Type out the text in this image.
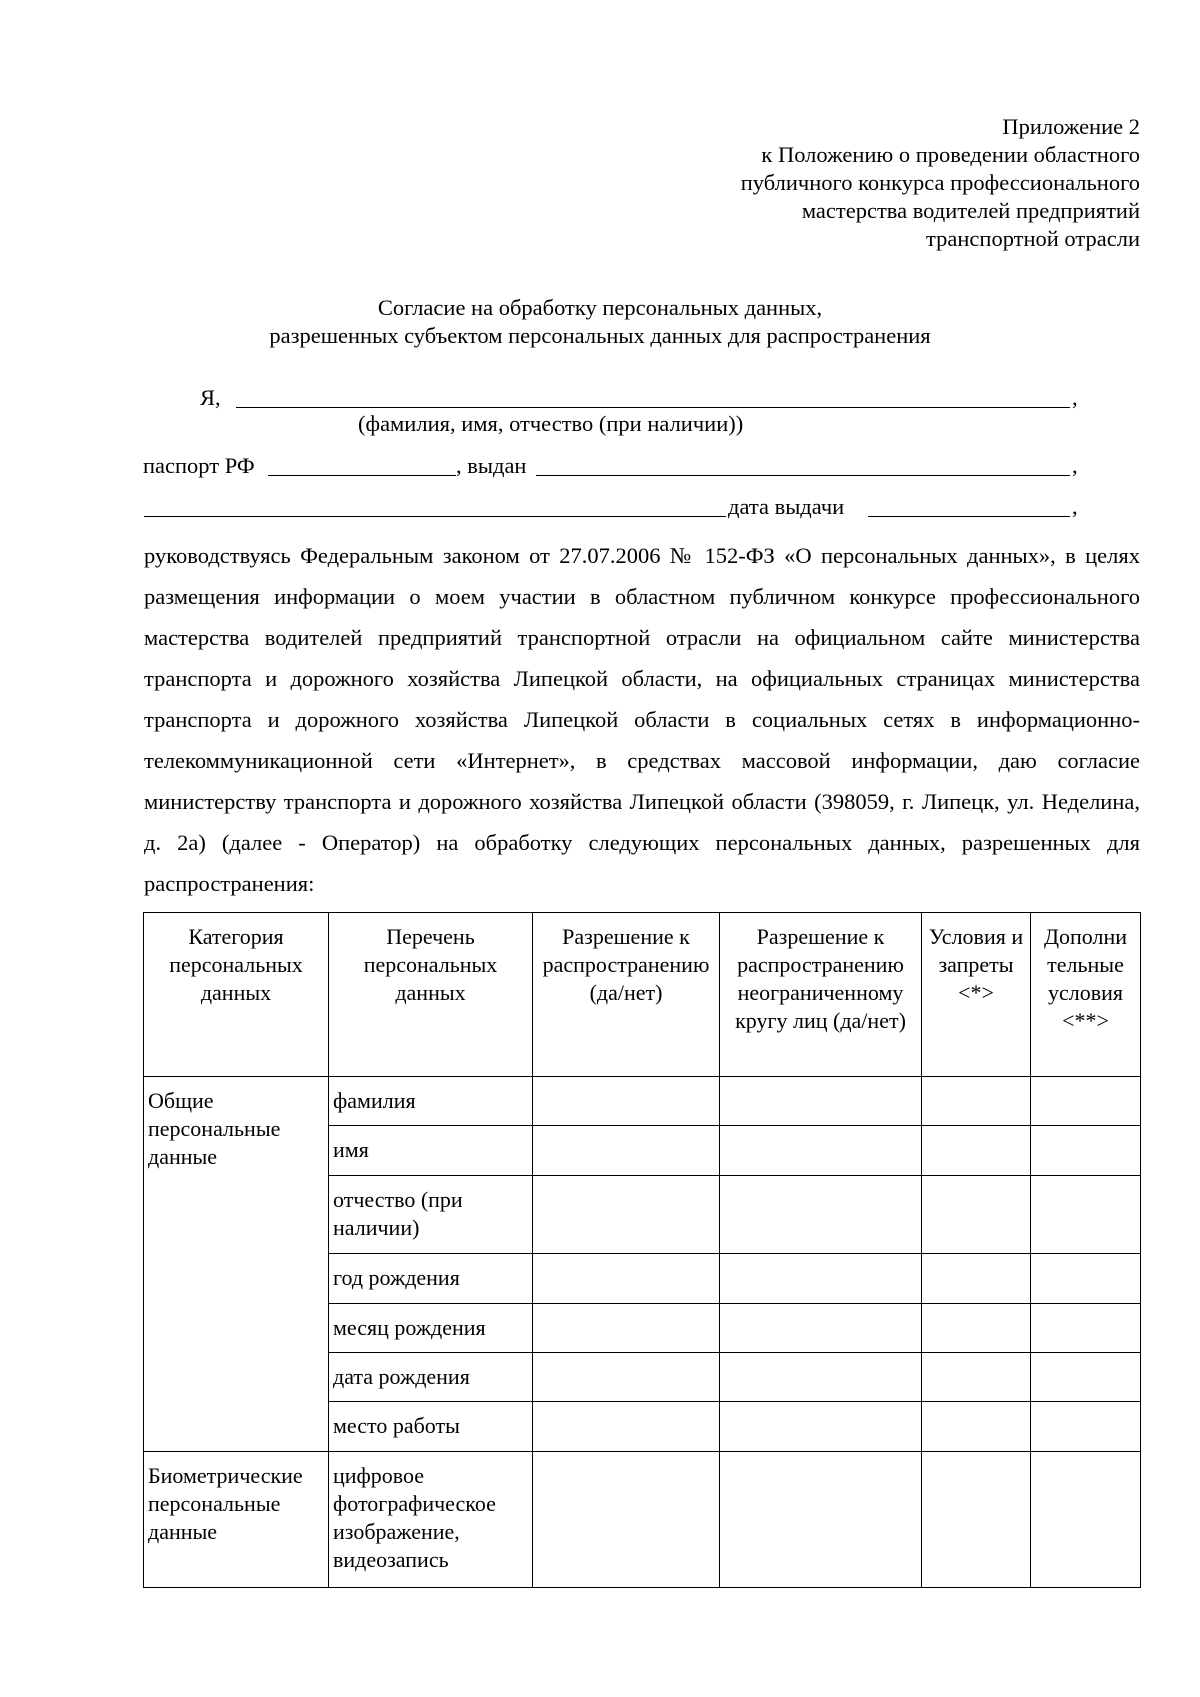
Приложение 2
к Положению о проведении областного
публичного конкурса профессионального
мастерства водителей предприятий
транспортной отрасли
Согласие на обработку персональных данных,
разрешенных субъектом персональных данных для распространения
Я,	,
(фамилия, имя, отчество (при наличии))
паспорт РФ	, выдан	,
дата выдачи	,

руководствуясь Федеральным законом от 27.07.2006 № 152-ФЗ «О персональных данных», в целях размещения информации о моем участии в областном публичном конкурсе профессионального мастерства водителей предприятий транспортной отрасли на официальном сайте министерства транспорта и дорожного хозяйства Липецкой области, на официальных страницах министерства транспорта и дорожного хозяйства Липецкой области в социальных сетях в информационно-телекоммуникационной сети «Интернет», в средствах массовой информации, даю согласие министерству транспорта и дорожного хозяйства Липецкой области (398059, г. Липецк, ул. Неделина, д. 2а) (далее - Оператор) на обработку следующих персональных данных, разрешенных для распространения:

Категория персональных данных	Перечень персональных данных	Разрешение к распространению (да/нет)	Разрешение к распространению неограниченному кругу лиц (да/нет)	Условия и запреты <*>	Дополни тельные условия <**>
Общие персональные данные	фамилия				
	имя				
	отчество (при наличии)				
	год рождения				
	месяц рождения				
	дата рождения				
	место работы				
Биометрические персональные данные	цифровое фотографическое изображение, видеозапись				
